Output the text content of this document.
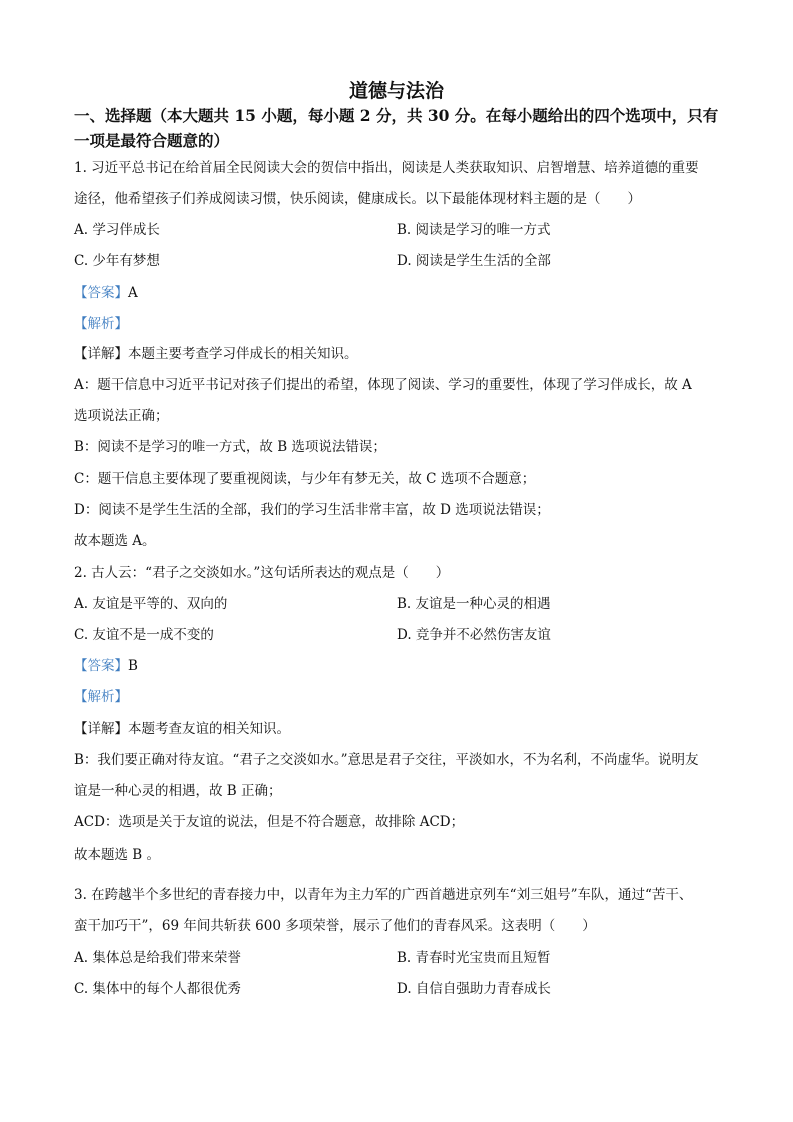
道德与法治
一、选择题（本大题共 15 小题，每小题 2 分，共 30 分。在每小题给出的四个选项中，只有
一项是最符合题意的）
1. 习近平总书记在给首届全民阅读大会的贺信中指出，阅读是人类获取知识、启智增慧、培养道德的重要
途径，他希望孩子们养成阅读习惯，快乐阅读，健康成长。以下最能体现材料主题的是（　　）
A. 学习伴成长	B. 阅读是学习的唯一方式
C. 少年有梦想	D. 阅读是学生生活的全部
【答案】A
【解析】
【详解】本题主要考查学习伴成长的相关知识。
A：题干信息中习近平书记对孩子们提出的希望，体现了阅读、学习的重要性，体现了学习伴成长，故 A
选项说法正确；
B：阅读不是学习的唯一方式，故 B 选项说法错误；
C：题干信息主要体现了要重视阅读，与少年有梦无关，故 C 选项不合题意；
D：阅读不是学生生活的全部，我们的学习生活非常丰富，故 D 选项说法错误；
故本题选 A。
2. 古人云：“君子之交淡如水。”这句话所表达的观点是（　　）
A. 友谊是平等的、双向的	B. 友谊是一种心灵的相遇
C. 友谊不是一成不变的	D. 竞争并不必然伤害友谊
【答案】B
【解析】
【详解】本题考查友谊的相关知识。
B：我们要正确对待友谊。“君子之交淡如水。”意思是君子交往，平淡如水，不为名利，不尚虚华。说明友
谊是一种心灵的相遇，故 B 正确；
ACD：选项是关于友谊的说法，但是不符合题意，故排除 ACD；
故本题选 B 。
3. 在跨越半个多世纪的青春接力中，以青年为主力军的广西首趟进京列车“刘三姐号”车队，通过“苦干、
蛮干加巧干”，69 年间共斩获 600 多项荣誉，展示了他们的青春风采。这表明（　　）
A. 集体总是给我们带来荣誉	B. 青春时光宝贵而且短暂
C. 集体中的每个人都很优秀	D. 自信自强助力青春成长
